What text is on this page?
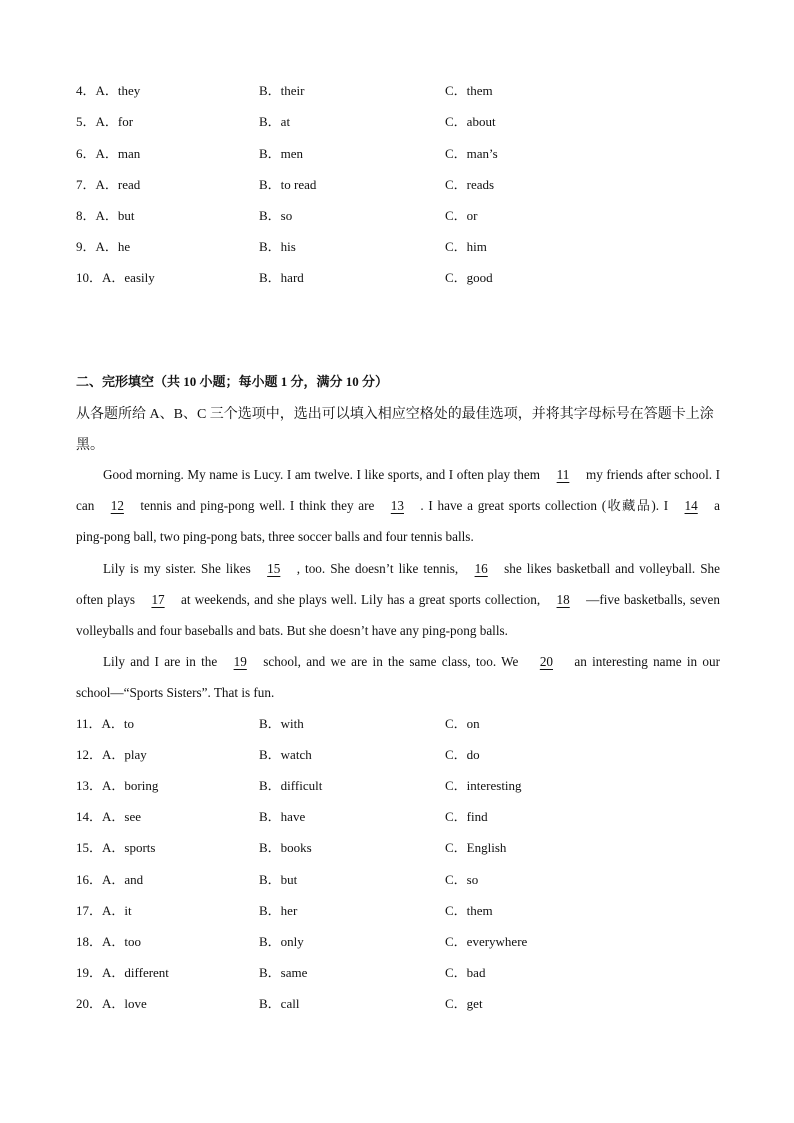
4．A．they	B．their	C．them
5．A．for	B．at	C．about
6．A．man	B．men	C．man’s
7．A．read	B．to read	C．reads
8．A．but	B．so	C．or
9．A．he	B．his	C．him
10．A．easily	B．hard	C．good
二、完形填空（共 10 小题；每小题 1 分，满分 10 分）
从各题所给 A、B、C 三个选项中，选出可以填入相应空格处的最佳选项，并将其字母标号在答题卡上涂黑。
Good morning. My name is Lucy. I am twelve. I like sports, and I often play them 11 my friends after school. I can 12 tennis and ping-pong well. I think they are 13 . I have a great sports collection (收藏品). I 14 a ping-pong ball, two ping-pong bats, three soccer balls and four tennis balls.
Lily is my sister. She likes 15 , too. She doesn’t like tennis, 16 she likes basketball and volleyball. She often plays 17 at weekends, and she plays well. Lily has a great sports collection, 18 —five basketballs, seven volleyballs and four baseballs and bats. But she doesn’t have any ping-pong balls.
Lily and I are in the 19 school, and we are in the same class, too. We 20 an interesting name in our school—“Sports Sisters”. That is fun.
11．A．to	B．with	C．on
12．A．play	B．watch	C．do
13．A．boring	B．difficult	C．interesting
14．A．see	B．have	C．find
15．A．sports	B．books	C．English
16．A．and	B．but	C．so
17．A．it	B．her	C．them
18．A．too	B．only	C．everywhere
19．A．different	B．same	C．bad
20．A．love	B．call	C．get
